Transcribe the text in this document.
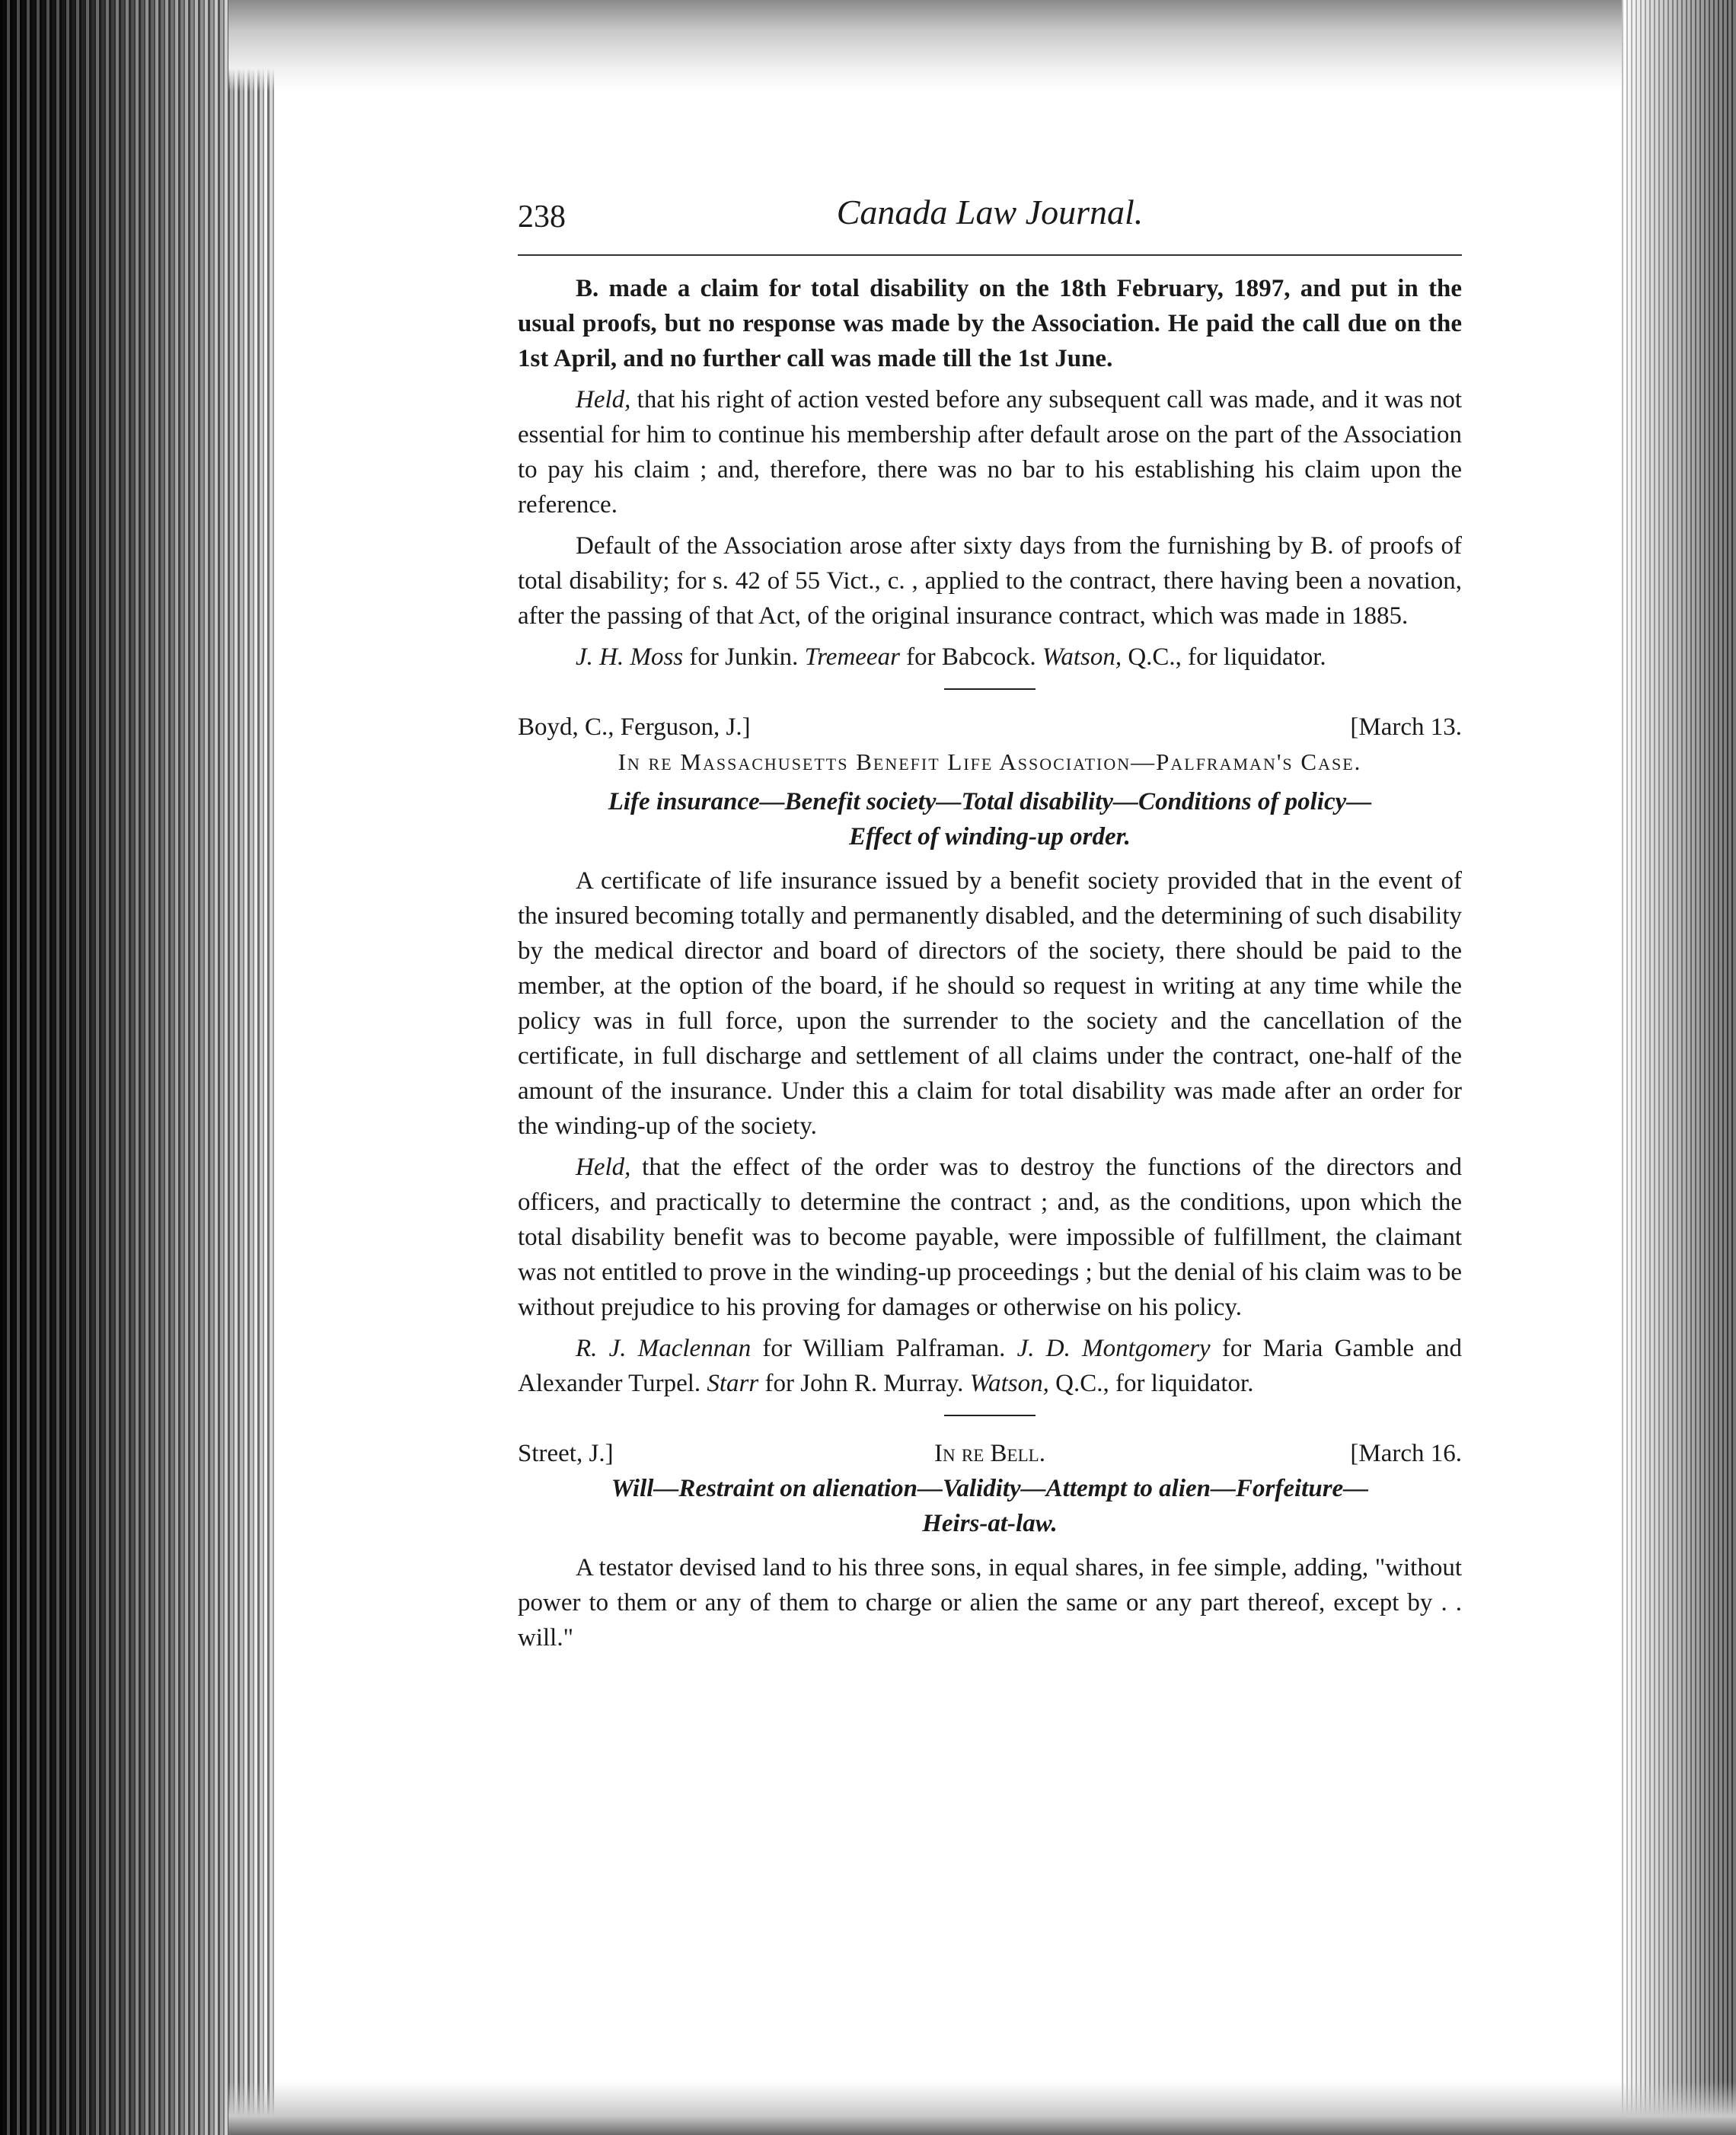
238	Canada Law Journal.

B. made a claim for total disability on the 18th February, 1897, and put in the usual proofs, but no response was made by the Association. He paid the call due on the 1st April, and no further call was made till the 1st June.

Held, that his right of action vested before any subsequent call was made, and it was not essential for him to continue his membership after default arose on the part of the Association to pay his claim ; and, therefore, there was no bar to his establishing his claim upon the reference.

Default of the Association arose after sixty days from the furnishing by B. of proofs of total disability; for s. 42 of 55 Vict., c. , applied to the contract, there having been a novation, after the passing of that Act, of the original insurance contract, which was made in 1885.

J. H. Moss for Junkin. Tremeear for Babcock. Watson, Q.C., for liquidator.

Boyd, C., Ferguson, J.]	[March 13.
In re Massachusetts Benefit Life Association—Palframan's Case.
Life insurance—Benefit society—Total disability—Conditions of policy—
Effect of winding-up order.

A certificate of life insurance issued by a benefit society provided that in the event of the insured becoming totally and permanently disabled, and the determining of such disability by the medical director and board of directors of the society, there should be paid to the member, at the option of the board, if he should so request in writing at any time while the policy was in full force, upon the surrender to the society and the cancellation of the certificate, in full discharge and settlement of all claims under the contract, one-half of the amount of the insurance. Under this a claim for total disability was made after an order for the winding-up of the society.

Held, that the effect of the order was to destroy the functions of the directors and officers, and practically to determine the contract ; and, as the conditions, upon which the total disability benefit was to become payable, were impossible of fulfillment, the claimant was not entitled to prove in the winding-up proceedings ; but the denial of his claim was to be without prejudice to his proving for damages or otherwise on his policy.

R. J. Maclennan for William Palframan. J. D. Montgomery for Maria Gamble and Alexander Turpel. Starr for John R. Murray. Watson, Q.C., for liquidator.

Street, J.]	In re Bell.	[March 16.
Will—Restraint on alienation—Validity—Attempt to alien—Forfeiture—
Heirs-at-law.

A testator devised land to his three sons, in equal shares, in fee simple, adding, "without power to them or any of them to charge or alien the same or any part thereof, except by . . will."
